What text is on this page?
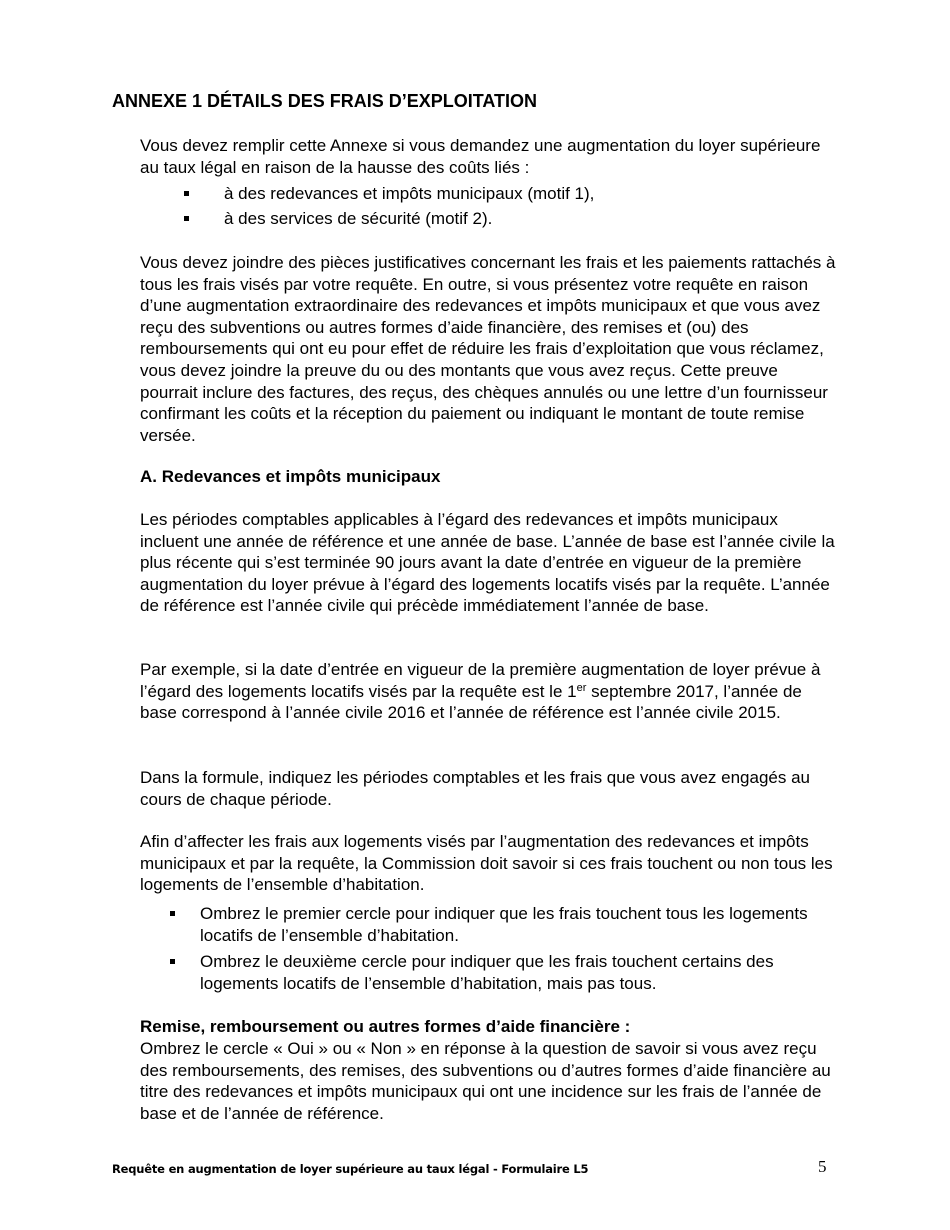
ANNEXE 1 DÉTAILS DES FRAIS D’EXPLOITATION

Vous devez remplir cette Annexe si vous demandez une augmentation du loyer supérieure au taux légal en raison de la hausse des coûts liés :

à des redevances et impôts municipaux (motif 1),
à des services de sécurité (motif 2).

Vous devez joindre des pièces justificatives concernant les frais et les paiements rattachés à tous les frais visés par votre requête. En outre, si vous présentez votre requête en raison d’une augmentation extraordinaire des redevances et impôts municipaux et que vous avez reçu des subventions ou autres formes d’aide financière, des remises et (ou) des remboursements qui ont eu pour effet de réduire les frais d’exploitation que vous réclamez, vous devez joindre la preuve du ou des montants que vous avez reçus. Cette preuve pourrait inclure des factures, des reçus, des chèques annulés ou une lettre d’un fournisseur confirmant les coûts et la réception du paiement ou indiquant le montant de toute remise versée.

A. Redevances et impôts municipaux

Les périodes comptables applicables à l’égard des redevances et impôts municipaux incluent une année de référence et une année de base. L’année de base est l’année civile la plus récente qui s’est terminée 90 jours avant la date d’entrée en vigueur de la première augmentation du loyer prévue à l’égard des logements locatifs visés par la requête. L’année de référence est l’année civile qui précède immédiatement l’année de base.

Par exemple, si la date d’entrée en vigueur de la première augmentation de loyer prévue à l’égard des logements locatifs visés par la requête est le 1er septembre 2017, l’année de base correspond à l’année civile 2016 et l’année de référence est l’année civile 2015.

Dans la formule, indiquez les périodes comptables et les frais que vous avez engagés au cours de chaque période.

Afin d’affecter les frais aux logements visés par l’augmentation des redevances et impôts municipaux et par la requête, la Commission doit savoir si ces frais touchent ou non tous les logements de l’ensemble d’habitation.

Ombrez le premier cercle pour indiquer que les frais touchent tous les logements locatifs de l’ensemble d’habitation.
Ombrez le deuxième cercle pour indiquer que les frais touchent certains des logements locatifs de l’ensemble d’habitation, mais pas tous.

Remise, remboursement ou autres formes d’aide financière :

Ombrez le cercle « Oui » ou « Non » en réponse à la question de savoir si vous avez reçu des remboursements, des remises, des subventions ou d’autres formes d’aide financière au titre des redevances et impôts municipaux qui ont une incidence sur les frais de l’année de base et de l’année de référence.

Requête en augmentation de loyer supérieure au taux légal - Formulaire L5	5
